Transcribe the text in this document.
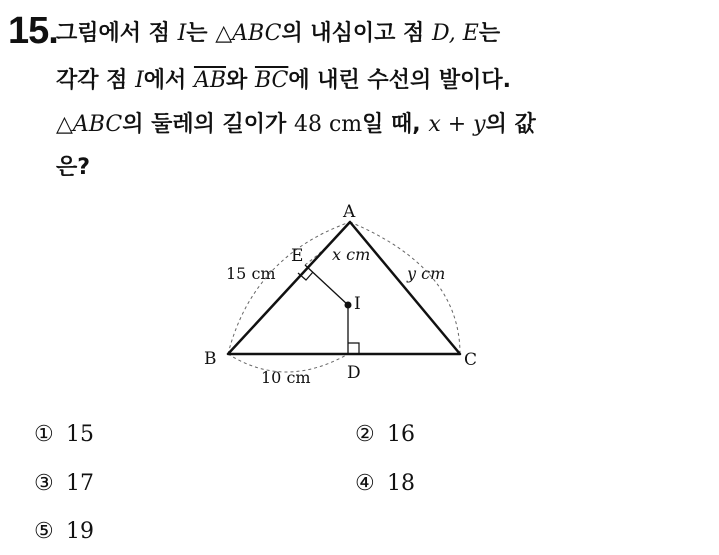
15.
그림에서 점 I는 △ABC의 내심이고 점 D, E는
각각 점 I에서 $\overline{AB}$와 $\overline{BC}$에 내린 수선의 발이다.
△ABC의 둘레의 길이가 48 cm일 때, x + y의 값
은?
A
B	C
D
E
I
15 cm
10 cm
x cm
y cm
① 15	② 16
③ 17	④ 18
⑤ 19
